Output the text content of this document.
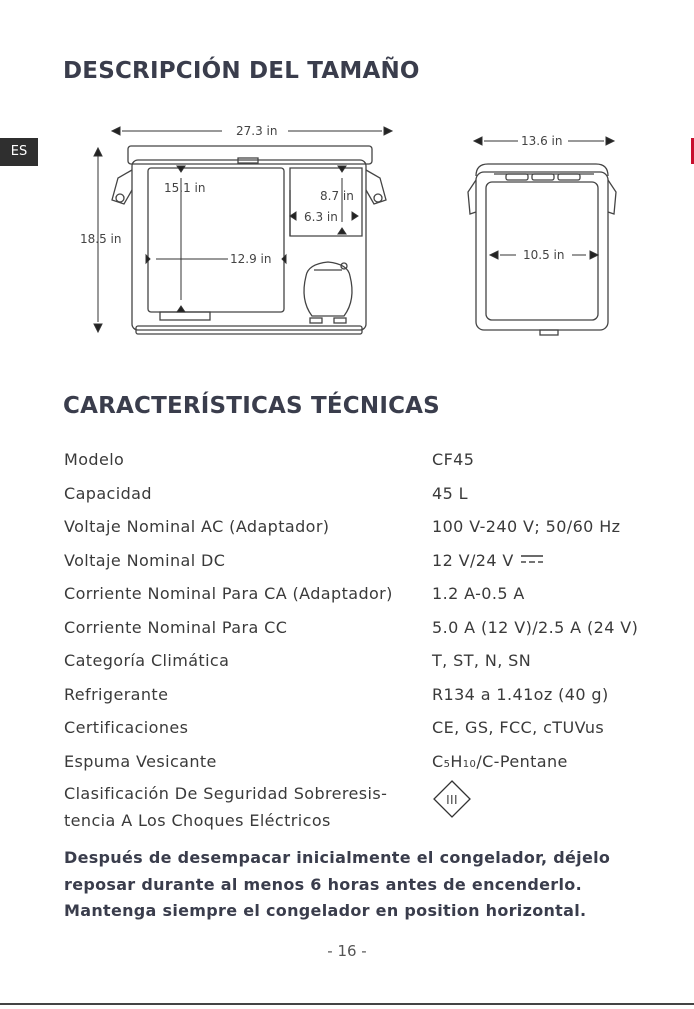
ES
DESCRIPCIÓN DEL TAMAÑO
27.3 in
18.5 in
15.1 in
8.7 in
6.3 in
12.9 in
13.6 in
10.5 in
CARACTERÍSTICAS TÉCNICAS
Modelo	CF45
Capacidad	45 L
Voltaje Nominal AC (Adaptador)	100 V-240 V; 50/60 Hz
Voltaje Nominal DC	12 V/24 V
Corriente Nominal Para CA (Adaptador) 1.2 A-0.5 A
Corriente Nominal Para CC	5.0 A (12 V)/2.5 A (24 V)
Categoría Climática	T, ST, N, SN
Refrigerante	R134 a 1.41oz (40 g)
Certificaciones	CE, GS, FCC, cTUVus
Espuma Vesicante	C5H10/C-Pentane
Clasificación De Seguridad Sobreresis-tencia A Los Choques Eléctricos
III
Después de desempacar inicialmente el congelador, déjelo reposar durante al menos 6 horas antes de encenderlo. Mantenga siempre el congelador en position horizontal.
- 16 -
